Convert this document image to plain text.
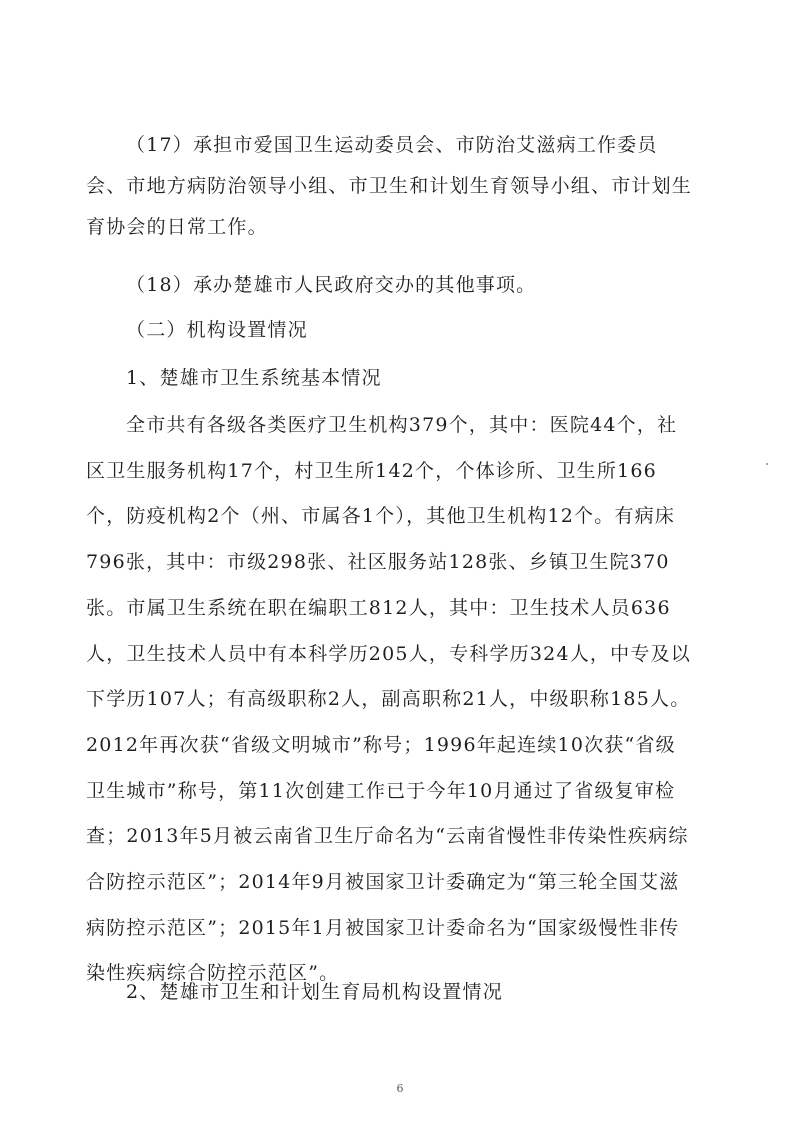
（17）承担市爱国卫生运动委员会、市防治艾滋病工作委员会、市地方病防治领导小组、市卫生和计划生育领导小组、市计划生育协会的日常工作。

（18）承办楚雄市人民政府交办的其他事项。

（二）机构设置情况

1、楚雄市卫生系统基本情况

全市共有各级各类医疗卫生机构379个，其中：医院44个，社区卫生服务机构17个，村卫生所142个，个体诊所、卫生所166个，防疫机构2个（州、市属各1个），其他卫生机构12个。有病床796张，其中：市级298张、社区服务站128张、乡镇卫生院370张。市属卫生系统在职在编职工812人，其中：卫生技术人员636人，卫生技术人员中有本科学历205人，专科学历324人，中专及以下学历107人；有高级职称2人，副高职称21人，中级职称185人。2012年再次获“省级文明城市”称号；1996年起连续10次获“省级卫生城市”称号，第11次创建工作已于今年10月通过了省级复审检查；2013年5月被云南省卫生厅命名为“云南省慢性非传染性疾病综合防控示范区”；2014年9月被国家卫计委确定为“第三轮全国艾滋病防控示范区”；2015年1月被国家卫计委命名为“国家级慢性非传染性疾病综合防控示范区”。

2、楚雄市卫生和计划生育局机构设置情况

6
